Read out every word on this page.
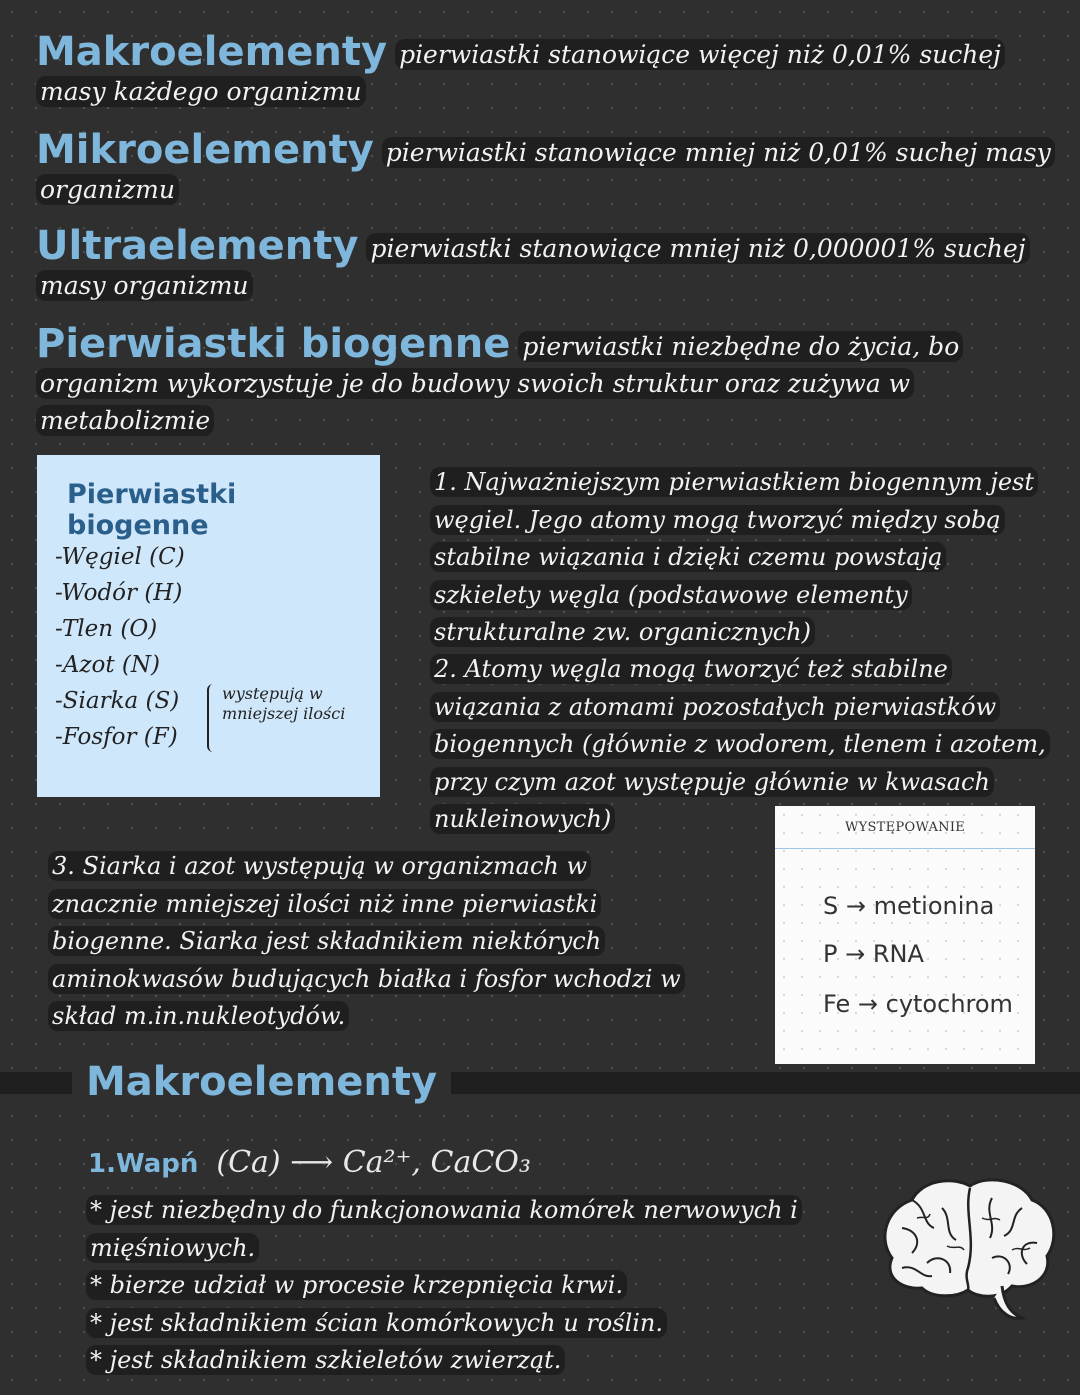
Makroelementy pierwiastki stanowiące więcej niż 0,01% suchej masy każdego organizmu
Mikroelementy pierwiastki stanowiące mniej niż 0,01% suchej masy organizmu
Ultraelementy pierwiastki stanowiące mniej niż 0,000001% suchej masy organizmu
Pierwiastki biogenne pierwiastki niezbędne do życia, bo organizm wykorzystuje je do budowy swoich struktur oraz zużywa w metabolizmie
Pierwiastki biogenne
-Węgiel (C)
-Wodór (H)
-Tlen (O)
-Azot (N)
-Siarka (S)
-Fosfor (F)
występują w mniejszej ilości
1. Najważniejszym pierwiastkiem biogennym jest węgiel. Jego atomy mogą tworzyć między sobą stabilne wiązania i dzięki czemu powstają szkielety węgla (podstawowe elementy strukturalne zw. organicznych)
2. Atomy węgla mogą tworzyć też stabilne wiązania z atomami pozostałych pierwiastków biogennych (głównie z wodorem, tlenem i azotem, przy czym azot występuje głównie w kwasach nukleinowych)
3. Siarka i azot występują w organizmach w znacznie mniejszej ilości niż inne pierwiastki biogenne. Siarka jest składnikiem niektórych aminokwasów budujących białka i fosfor wchodzi w skład m.in.nukleotydów.
WYSTĘPOWANIE
S → metionina
P → RNA
Fe → cytochrom
Makroelementy
1.Wapń (Ca) ⟶ Ca²⁺, CaCO₃
* jest niezbędny do funkcjonowania komórek nerwowych i mięśniowych.
* bierze udział w procesie krzepnięcia krwi.
* jest składnikiem ścian komórkowych u roślin.
* jest składnikiem szkieletów zwierząt.
